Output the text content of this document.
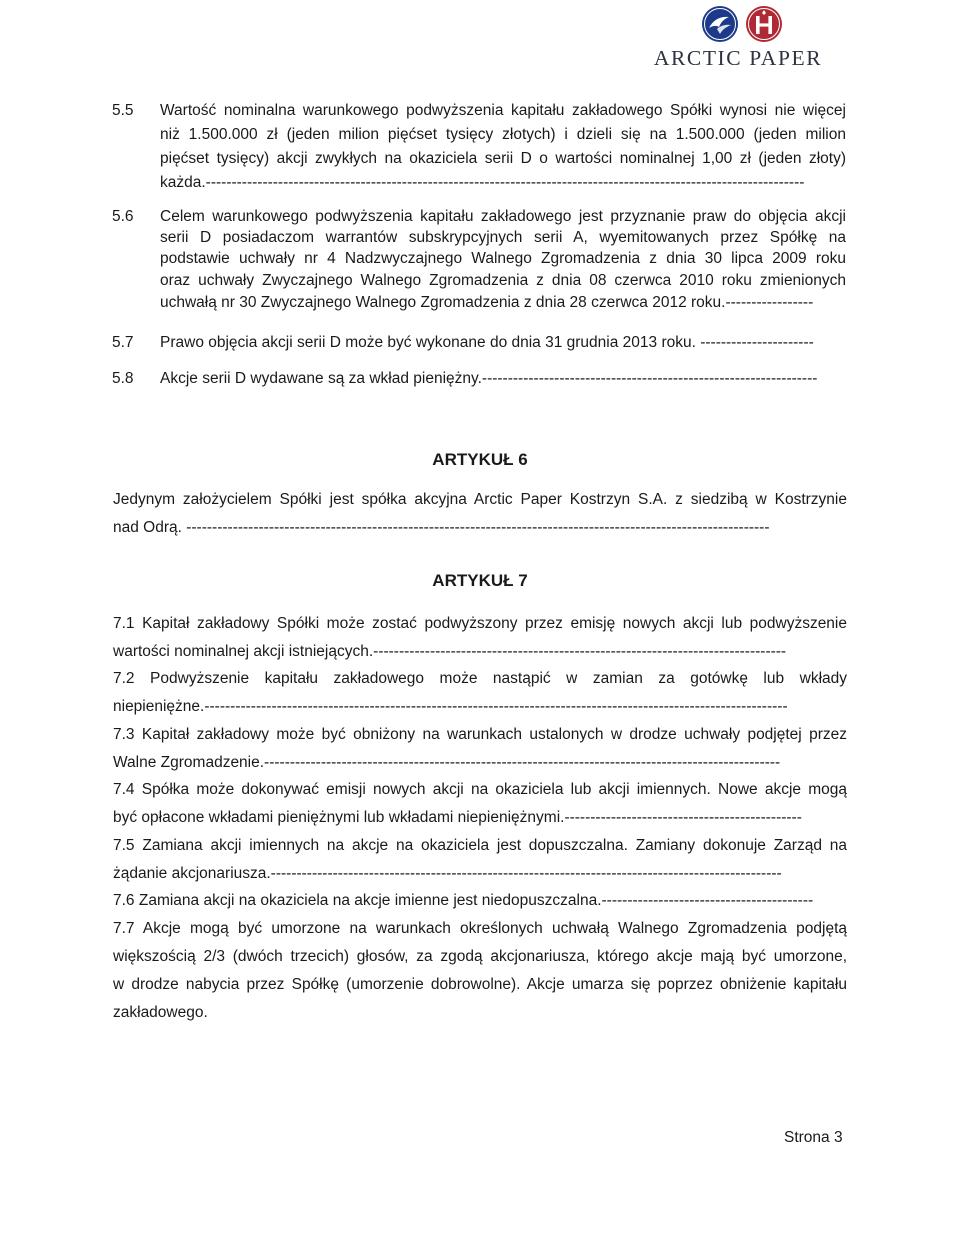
ARCTIC PAPER
5.5 Wartość nominalna warunkowego podwyższenia kapitału zakładowego Spółki wynosi nie więcej
niż 1.500.000 zł (jeden milion pięćset tysięcy złotych) i dzieli się na 1.500.000 (jeden milion
pięćset tysięcy) akcji zwykłych na okaziciela serii D o wartości nominalnej 1,00 zł (jeden złoty)
każda.--------------------------------------------------------------------------------------------------------------------
5.6 Celem warunkowego podwyższenia kapitału zakładowego jest przyznanie praw do objęcia akcji
serii D posiadaczom warrantów subskrypcyjnych serii A, wyemitowanych przez Spółkę na
podstawie uchwały nr 4 Nadzwyczajnego Walnego Zgromadzenia z dnia 30 lipca 2009 roku
oraz uchwały Zwyczajnego Walnego Zgromadzenia z dnia 08 czerwca 2010 roku zmienionych
uchwałą nr 30 Zwyczajnego Walnego Zgromadzenia z dnia 28 czerwca 2012 roku.-----------------
5.7 Prawo objęcia akcji serii D może być wykonane do dnia 31 grudnia 2013 roku. ----------------------
5.8 Akcje serii D wydawane są za wkład pieniężny.-----------------------------------------------------------------
ARTYKUŁ 6
Jedynym założycielem Spółki jest spółka akcyjna Arctic Paper Kostrzyn S.A. z siedzibą w Kostrzynie
nad Odrą. -----------------------------------------------------------------------------------------------------------------
ARTYKUŁ 7
7.1 Kapitał zakładowy Spółki może zostać podwyższony przez emisję nowych akcji lub podwyższenie
wartości nominalnej akcji istniejących.--------------------------------------------------------------------------------
7.2 Podwyższenie kapitału zakładowego może nastąpić w zamian za gotówkę lub wkłady
niepieniężne.-----------------------------------------------------------------------------------------------------------------
7.3 Kapitał zakładowy może być obniżony na warunkach ustalonych w drodze uchwały podjętej przez
Walne Zgromadzenie.----------------------------------------------------------------------------------------------------
7.4 Spółka może dokonywać emisji nowych akcji na okaziciela lub akcji imiennych. Nowe akcje mogą
być opłacone wkładami pieniężnymi lub wkładami niepieniężnymi.----------------------------------------------
7.5 Zamiana akcji imiennych na akcje na okaziciela jest dopuszczalna. Zamiany dokonuje Zarząd na
żądanie akcjonariusza.---------------------------------------------------------------------------------------------------
7.6 Zamiana akcji na okaziciela na akcje imienne jest niedopuszczalna.-----------------------------------------
7.7 Akcje mogą być umorzone na warunkach określonych uchwałą Walnego Zgromadzenia podjętą
większością 2/3 (dwóch trzecich) głosów, za zgodą akcjonariusza, którego akcje mają być umorzone,
w drodze nabycia przez Spółkę (umorzenie dobrowolne). Akcje umarza się poprzez obniżenie kapitału
zakładowego.
Strona 3
